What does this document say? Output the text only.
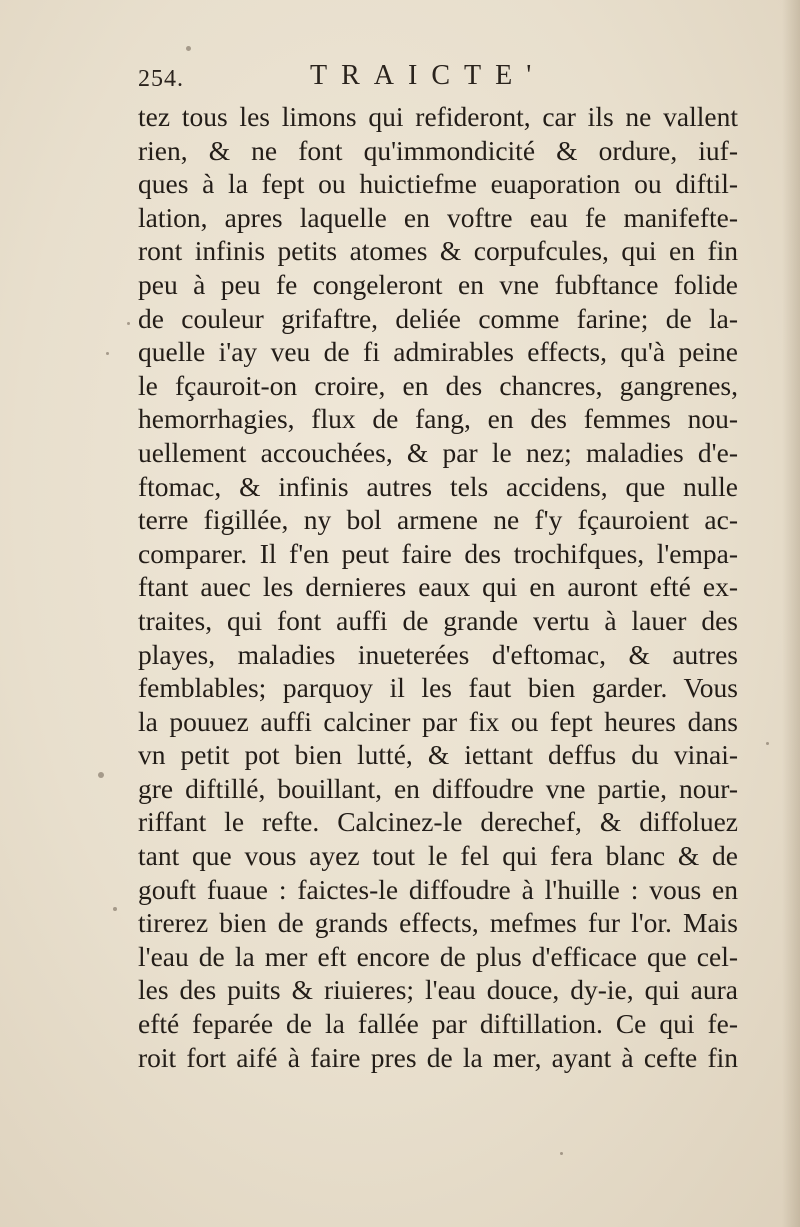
254.	TRAICTE'
tez tous les limons qui refideront, car ils ne vallent
rien, & ne font qu'immondicité & ordure, iuf-
ques à la fept ou huictiefme euaporation ou diftil-
lation, apres laquelle en voftre eau fe manifefte-
ront infinis petits atomes & corpufcules, qui en fin
peu à peu fe congeleront en vne fubftance folide
de couleur grifaftre, deliée comme farine; de la-
quelle i'ay veu de fi admirables effects, qu'à peine
le fçauroit-on croire, en des chancres, gangrenes,
hemorrhagies, flux de fang, en des femmes nou-
uellement accouchées, & par le nez; maladies d'e-
ftomac, & infinis autres tels accidens, que nulle
terre figillée, ny bol armene ne f'y fçauroient ac-
comparer. Il f'en peut faire des trochifques, l'empa-
ftant auec les dernieres eaux qui en auront efté ex-
traites, qui font auffi de grande vertu à lauer des
playes, maladies inueterées d'eftomac, & autres
femblables; parquoy il les faut bien garder. Vous
la pouuez auffi calciner par fix ou fept heures dans
vn petit pot bien lutté, & iettant deffus du vinai-
gre diftillé, bouillant, en diffoudre vne partie, nour-
riffant le refte. Calcinez-le derechef, & diffoluez
tant que vous ayez tout le fel qui fera blanc & de
gouft fuaue : faictes-le diffoudre à l'huille : vous en
tirerez bien de grands effects, mefmes fur l'or. Mais
l'eau de la mer eft encore de plus d'efficace que cel-
les des puits & riuieres; l'eau douce, dy-ie, qui aura
efté feparée de la fallée par diftillation. Ce qui fe-
roit fort aifé à faire pres de la mer, ayant à cefte fin
